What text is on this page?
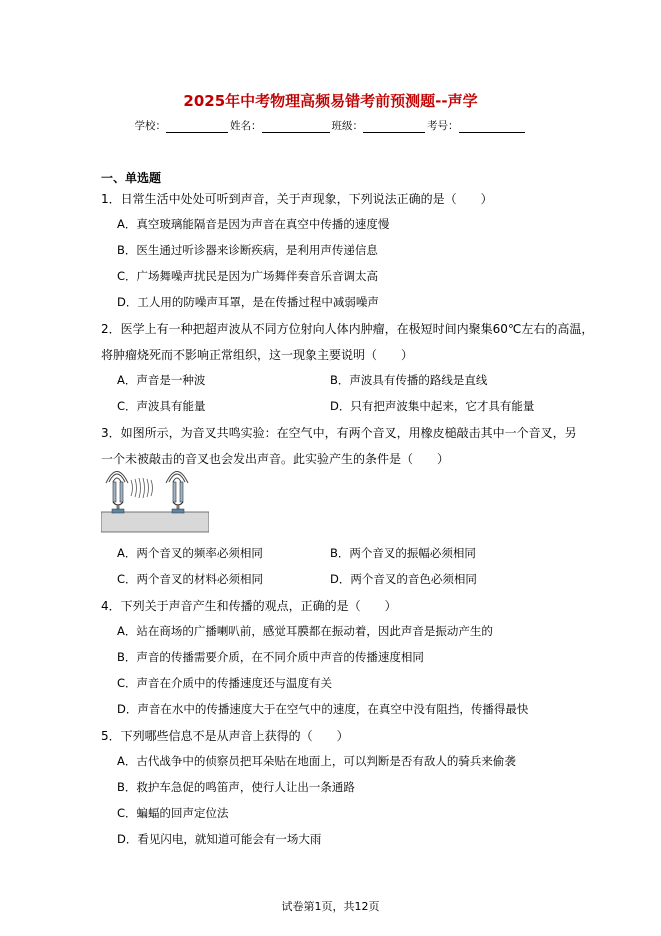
2025年中考物理高频易错考前预测题--声学
学校：	姓名：	班级：	考号：
一、单选题
1．日常生活中处处可听到声音，关于声现象，下列说法正确的是（　　）
A．真空玻璃能隔音是因为声音在真空中传播的速度慢
B．医生通过听诊器来诊断疾病，是利用声传递信息
C．广场舞噪声扰民是因为广场舞伴奏音乐音调太高
D．工人用的防噪声耳罩，是在传播过程中减弱噪声
2．医学上有一种把超声波从不同方位射向人体内肿瘤，在极短时间内聚集60℃左右的高温，
将肿瘤烧死而不影响正常组织，这一现象主要说明（　　）
A．声音是一种波	B．声波具有传播的路线是直线
C．声波具有能量	D．只有把声波集中起来，它才具有能量
3．如图所示，为音叉共鸣实验：在空气中，有两个音叉，用橡皮槌敲击其中一个音叉，另
一个未被敲击的音叉也会发出声音。此实验产生的条件是（　　）
A．两个音叉的频率必须相同	B．两个音叉的振幅必须相同
C．两个音叉的材料必须相同	D．两个音叉的音色必须相同
4．下列关于声音产生和传播的观点，正确的是（　　）
A．站在商场的广播喇叭前，感觉耳膜都在振动着，因此声音是振动产生的
B．声音的传播需要介质，在不同介质中声音的传播速度相同
C．声音在介质中的传播速度还与温度有关
D．声音在水中的传播速度大于在空气中的速度，在真空中没有阻挡，传播得最快
5．下列哪些信息不是从声音上获得的（　　）
A．古代战争中的侦察员把耳朵贴在地面上，可以判断是否有敌人的骑兵来偷袭
B．救护车急促的鸣笛声，使行人让出一条通路
C．蝙蝠的回声定位法
D．看见闪电，就知道可能会有一场大雨
试卷第1页，共12页
